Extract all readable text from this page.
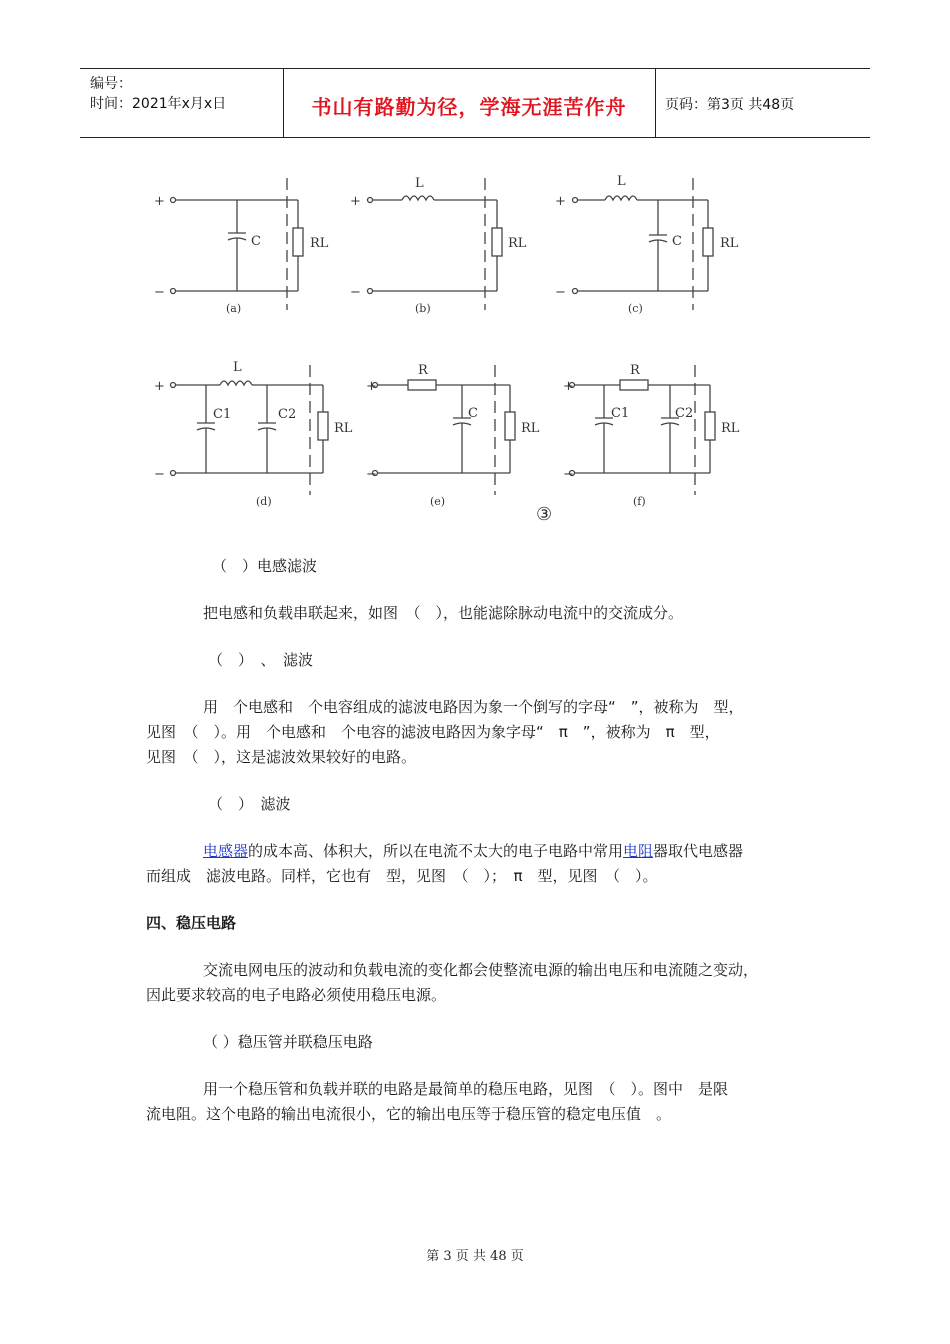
编号：
时间：2021年x月x日	书山有路勤为径，学海无涯苦作舟	页码：第3页 共48页
+
−
C	RL
(a)
+
−
L
RL
(b)
+
−
L
C	RL
(c)
+
−
L
C1	C2
RL
(d)
+
−
R
C
RL
(e)
+
−
R
C1	C2
RL
(f)
③
（　）电感滤波
把电感和负载串联起来，如图　（　），也能滤除脉动电流中的交流成分。
（　）　、　滤波
用　个电感和　个电容组成的滤波电路因为象一个倒写的字母“　”，被称为　型，
见图　（　）。用　个电感和　个电容的滤波电路因为象字母“　π　”，被称为　π　型，
见图　（　），这是滤波效果较好的电路。
（　）　滤波
电感器的成本高、体积大，所以在电流不太大的电子电路中常用电阻器取代电感器
而组成　滤波电路。同样，它也有　型，见图　（　）；　π　型，见图　（　）。
四、稳压电路
交流电网电压的波动和负载电流的变化都会使整流电源的输出电压和电流随之变动，
因此要求较高的电子电路必须使用稳压电源。
（ ）稳压管并联稳压电路
用一个稳压管和负载并联的电路是最简单的稳压电路，见图　（　）。图中　是限
流电阻。这个电路的输出电流很小，它的输出电压等于稳压管的稳定电压值　。
第 3 页 共 48 页
